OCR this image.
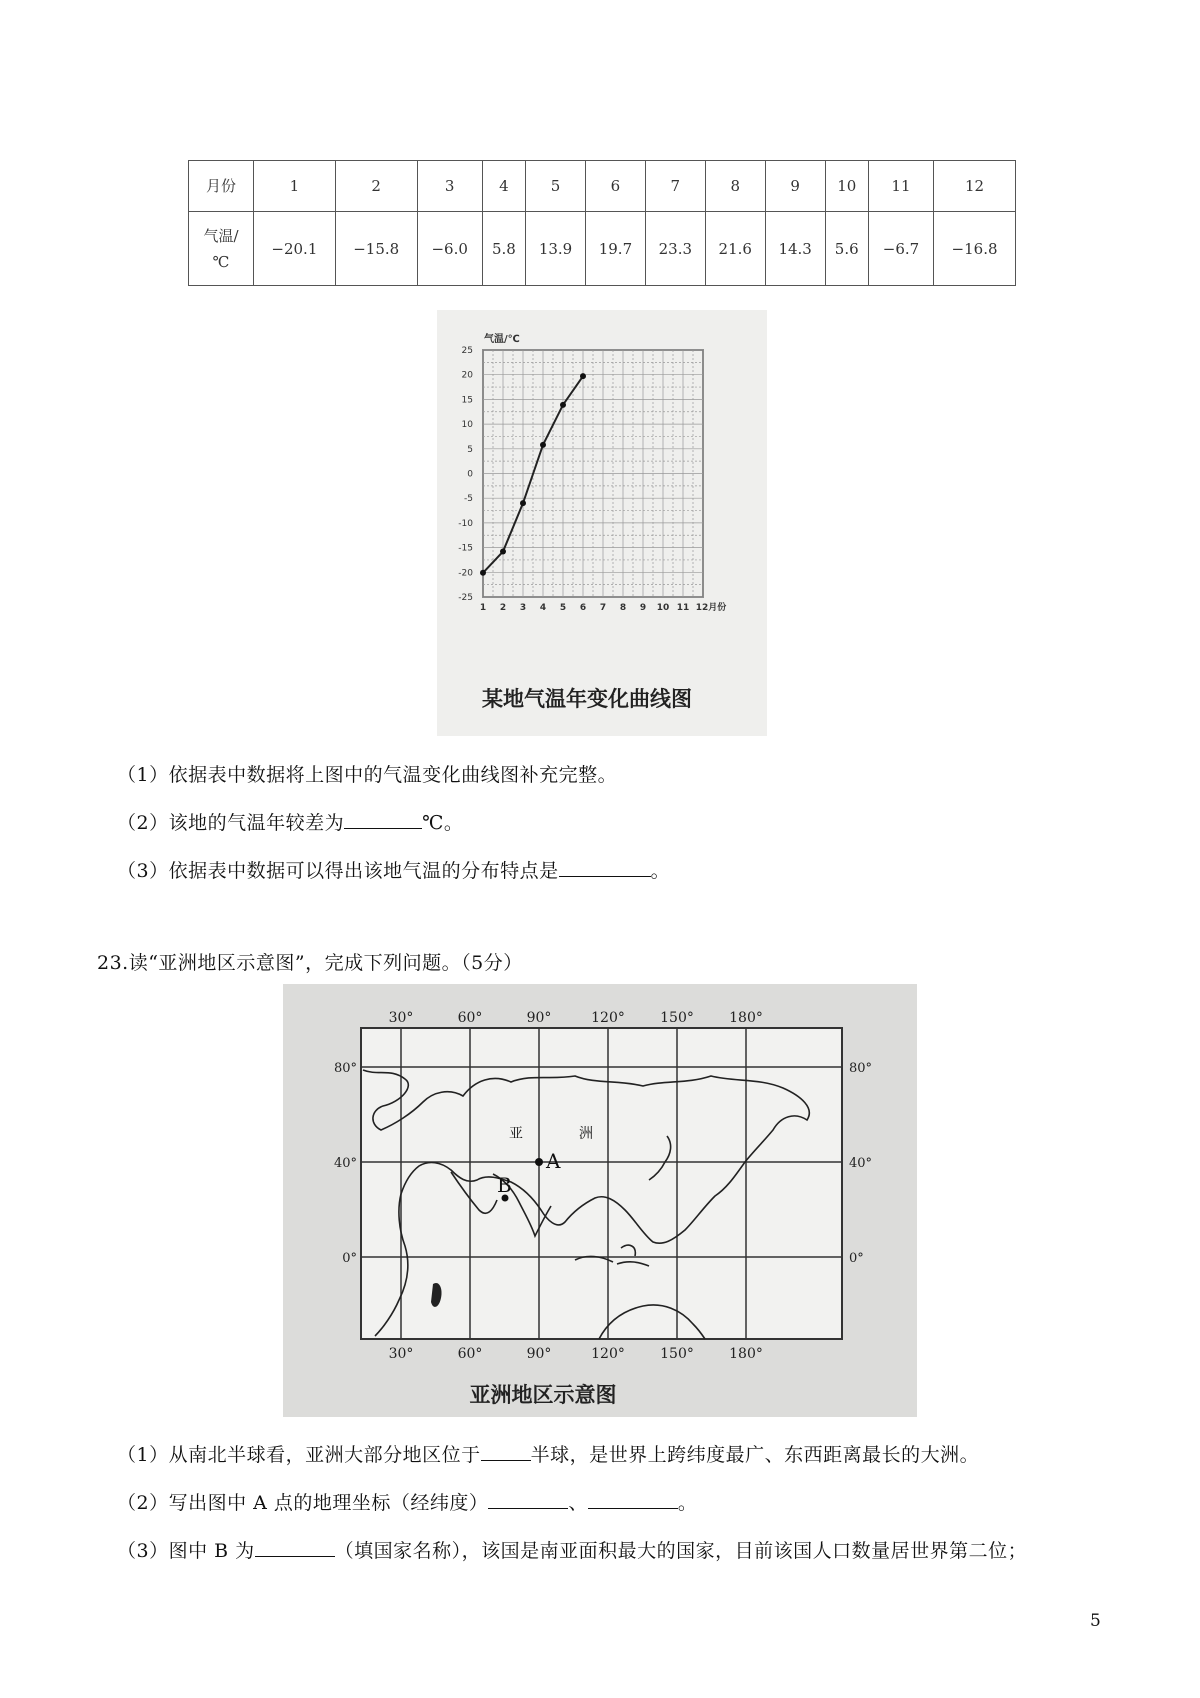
月份	1	2	3	4	5	6	7	8	9	10	11	12
气温/
℃	−20.1	−15.8	−6.0	5.8	13.9	19.7	23.3	21.6	14.3	5.6	−6.7	−16.8
25
20
15
10
5
0
-5
-10
-15
-20
-25
1 2 3 4 5 6 7 8 9 10 11 12月份
气温/℃
某地气温年变化曲线图
（1）依据表中数据将上图中的气温变化曲线图补充完整。
（2）该地的气温年较差为	℃。
（3）依据表中数据可以得出该地气温的分布特点是	。
23.读“亚洲地区示意图”，完成下列问题。（5分）
A
B
亚	洲
30°	60°	90°	120°	150°	180°
30°	60°	90°	120°	150°	180°
80°
40°
0°
80°
40°
0°
亚洲地区示意图
（1）从南北半球看，亚洲大部分地区位于	半球，是世界上跨纬度最广、东西距离最长的大洲。
（2）写出图中 A 点的地理坐标（经纬度）	、	。
（3）图中 B 为	（填国家名称），该国是南亚面积最大的国家，目前该国人口数量居世界第二位；
5
